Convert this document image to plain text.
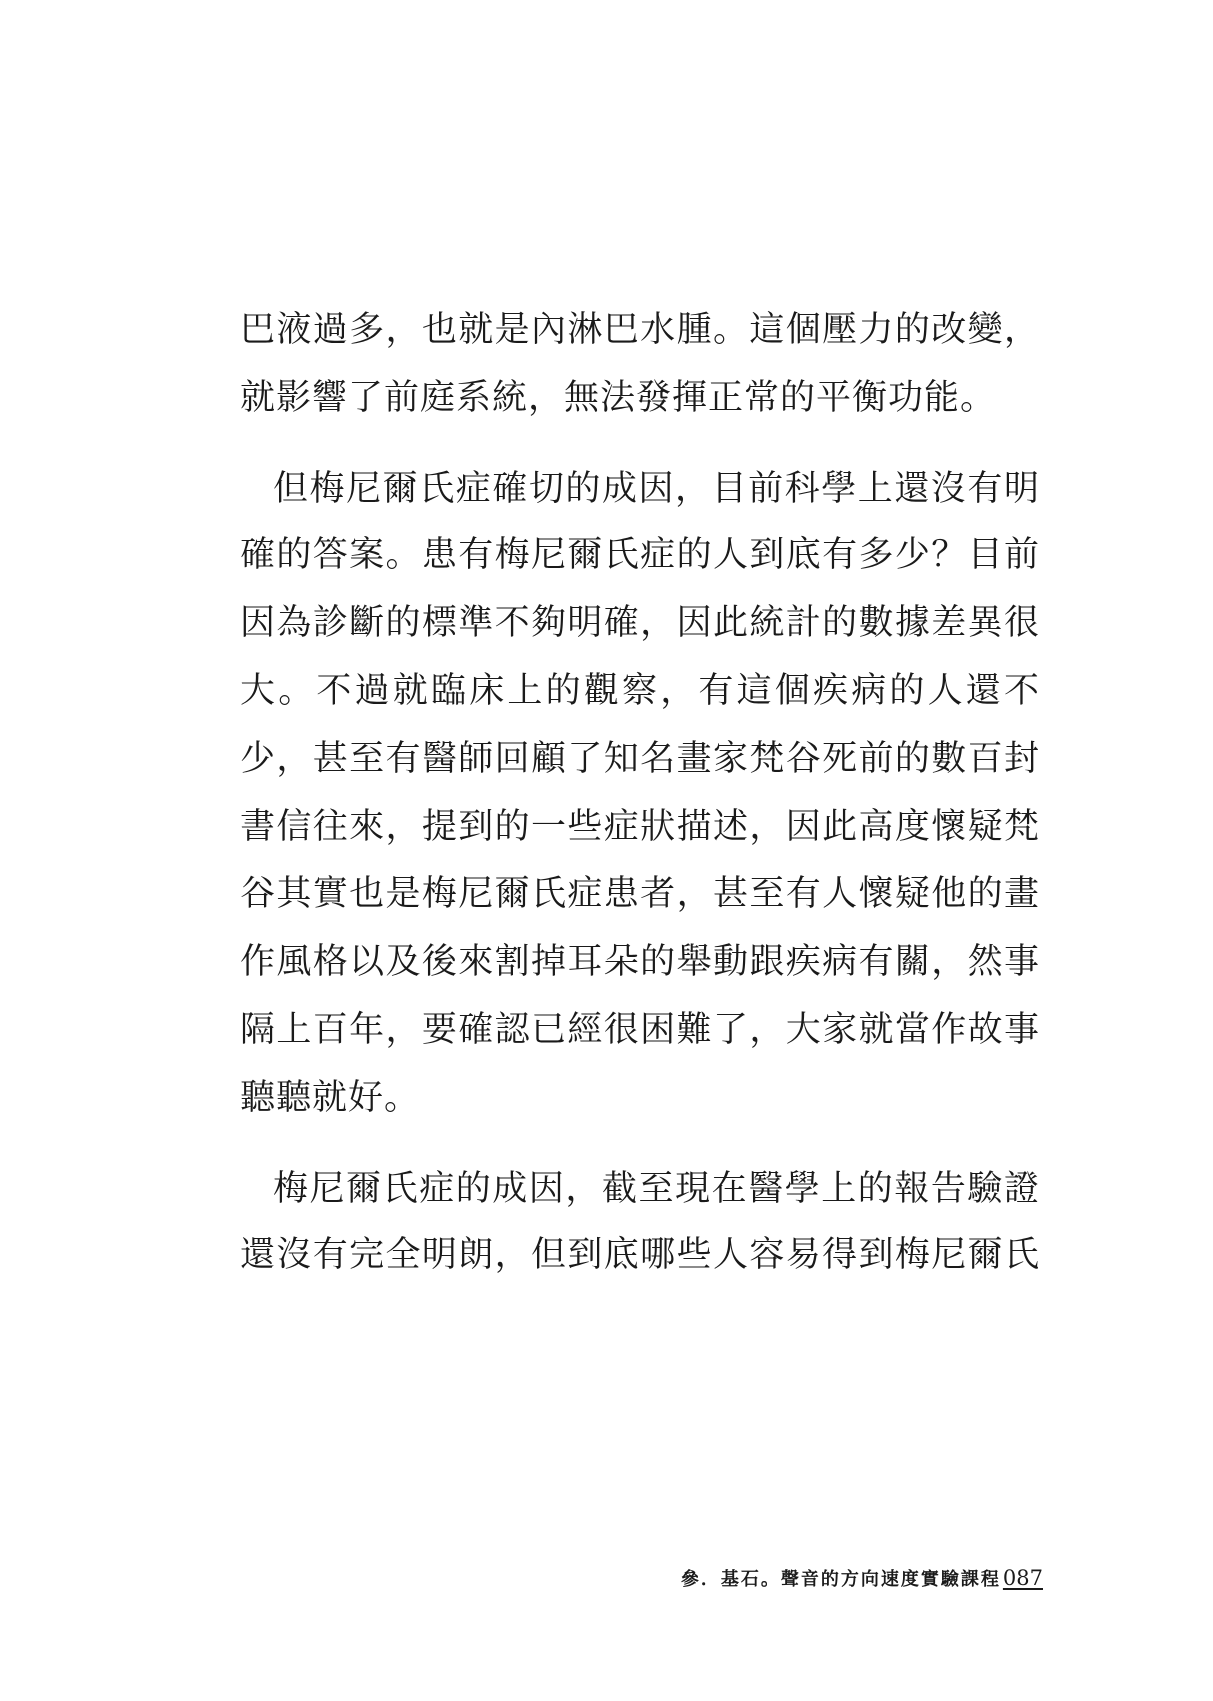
巴液過多，也就是內淋巴水腫。這個壓力的改變，
就影響了前庭系統，無法發揮正常的平衡功能。
但梅尼爾氏症確切的成因，目前科學上還沒有明
確的答案。患有梅尼爾氏症的人到底有多少？目前
因為診斷的標準不夠明確，因此統計的數據差異很
大。不過就臨床上的觀察，有這個疾病的人還不
少，甚至有醫師回顧了知名畫家梵谷死前的數百封
書信往來，提到的一些症狀描述，因此高度懷疑梵
谷其實也是梅尼爾氏症患者，甚至有人懷疑他的畫
作風格以及後來割掉耳朵的舉動跟疾病有關，然事
隔上百年，要確認已經很困難了，大家就當作故事
聽聽就好。
梅尼爾氏症的成因，截至現在醫學上的報告驗證
還沒有完全明朗，但到底哪些人容易得到梅尼爾氏
參．基石。聲音的方向速度實驗課程087
